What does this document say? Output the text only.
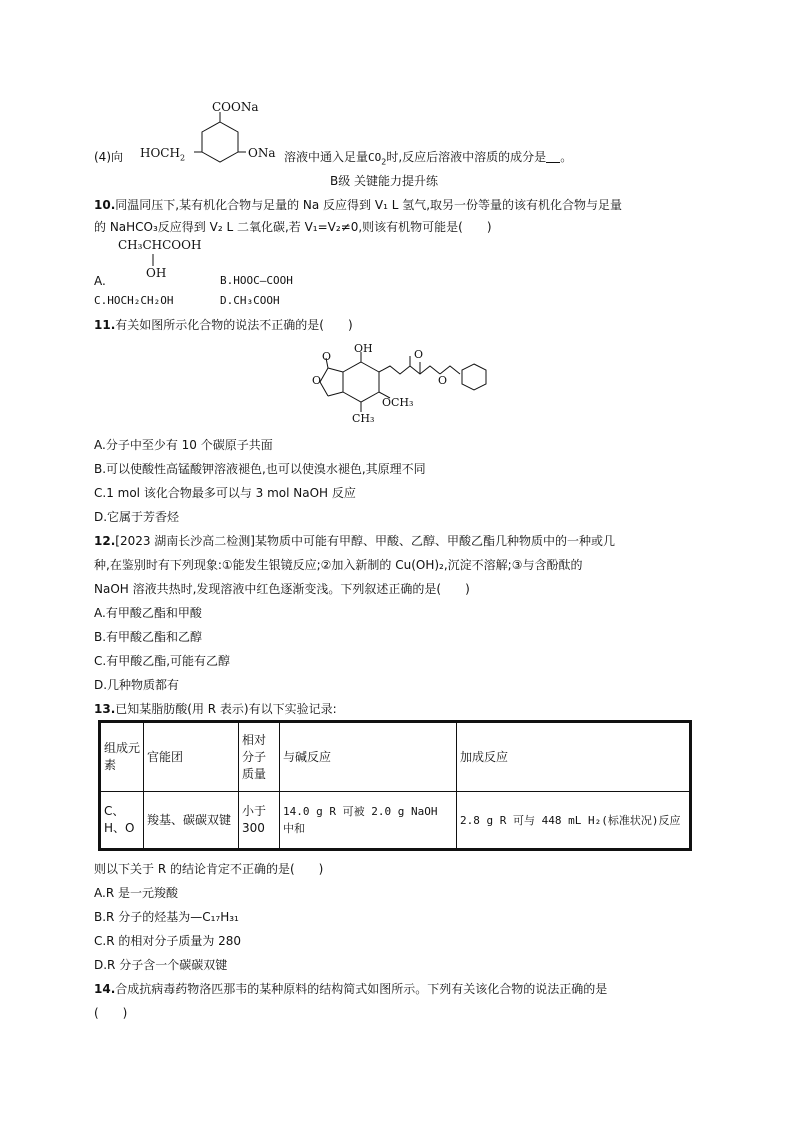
COONa
ONa
$HOCH_2$
(4)向	溶液中通入足量$CO_2$时,反应后溶液中溶质的成分是 。
B级 关键能力提升练
10.同温同压下,某有机化合物与足量的 Na 反应得到 V₁ L 氢气,取另一份等量的该有机化合物与足量
的 NaHCO₃反应得到 V₂ L 二氧化碳,若 V₁=V₂≠0,则该有机物可能是(　　)
CH₃CHCOOH
A.
OH
B.HOOC—COOH
C.HOCH₂CH₂OH	D.CH₃COOH
11.有关如图所示化合物的说法不正确的是(　　)
OH
O
O
O
O
OCH₃
CH₃
A.分子中至少有 10 个碳原子共面
B.可以使酸性高锰酸钾溶液褪色,也可以使溴水褪色,其原理不同
C.1 mol 该化合物最多可以与 3 mol NaOH 反应
D.它属于芳香烃
12.[2023 湖南长沙高二检测]某物质中可能有甲醇、甲酸、乙醇、甲酸乙酯几种物质中的一种或几
种,在鉴别时有下列现象:①能发生银镜反应;②加入新制的 Cu(OH)₂,沉淀不溶解;③与含酚酞的
NaOH 溶液共热时,发现溶液中红色逐渐变浅。下列叙述正确的是(　　)
A.有甲酸乙酯和甲酸
B.有甲酸乙酯和乙醇
C.有甲酸乙酯,可能有乙醇
D.几种物质都有
13.已知某脂肪酸(用 R 表示)有以下实验记录:
组成元素	官能团	相对分子质量	与碱反应	加成反应
C、H、O	羧基、碳碳双键	小于300	14.0 g R 可被 2.0 g NaOH 中和	2.8 g R 可与 448 mL H₂(标准状况)反应
则以下关于 R 的结论肯定不正确的是(　　)
A.R 是一元羧酸
B.R 分子的烃基为—C₁₇H₃₁
C.R 的相对分子质量为 280
D.R 分子含一个碳碳双键
14.合成抗病毒药物洛匹那韦的某种原料的结构简式如图所示。下列有关该化合物的说法正确的是
(　　)
